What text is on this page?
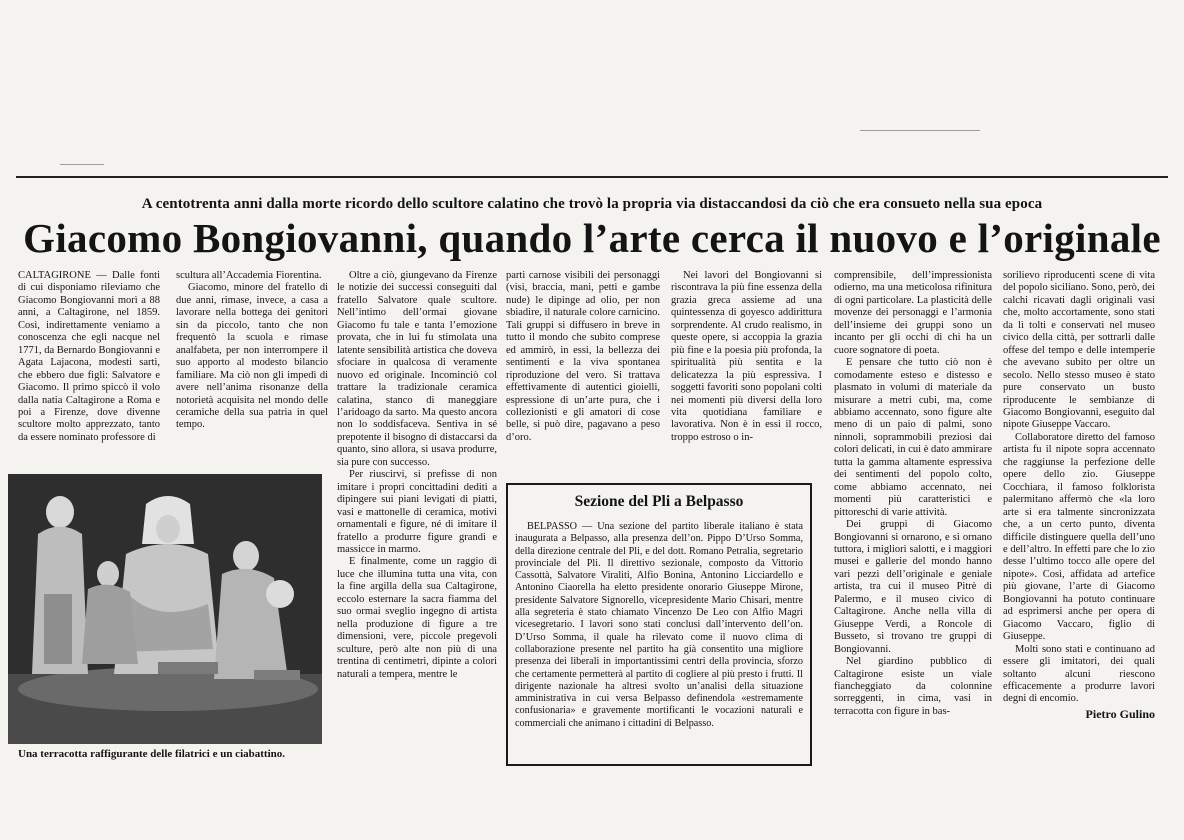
A centotrenta anni dalla morte ricordo dello scultore calatino che trovò la propria via distaccandosi da ciò che era consueto nella sua epoca
Giacomo Bongiovanni, quando l’arte cerca il nuovo e l’originale

CALTAGIRONE — Dalle fonti di cui disponiamo rileviamo che Giacomo Bongiovanni morì a 88 anni, a Caltagirone, nel 1859. Così, indirettamente veniamo a conoscenza che egli nacque nel 1771, da Bernardo Bongiovanni e Agata Lajacona, modesti sarti, che ebbero due figli: Salvatore e Giacomo. Il primo spiccò il volo dalla natia Caltagirone a Roma e poi a Firenze, dove divenne scultore molto apprezzato, tanto da essere nominato professore di

scultura all’Accademia Fiorentina.

Giacomo, minore del fratello di due anni, rimase, invece, a casa a lavorare nella bottega dei genitori sin da piccolo, tanto che non frequentò la scuola e rimase analfabeta, per non interrompere il suo apporto al modesto bilancio familiare. Ma ciò non gli impedì di avere nell’anima risonanze della notorietà acquisita nel mondo delle ceramiche della sua patria in quel tempo.

Oltre a ciò, giungevano da Firenze le notizie dei successi conseguiti dal fratello Salvatore quale scultore. Nell’intimo dell’ormai giovane Giacomo fu tale e tanta l’emozione provata, che in lui fu stimolata una latente sensibilità artistica che doveva sfociare in qualcosa di veramente nuovo ed originale. Incominciò col trattare la tradizionale ceramica calatina, stanco di maneggiare l’aridoago da sarto. Ma questo ancora non lo soddisfaceva. Sentiva in sé prepotente il bisogno di distaccarsi da quanto, sino allora, si usava produrre, sia pure con successo.

Per riuscirvi, si prefisse di non imitare i propri concittadini dediti a dipingere sui piani levigati di piatti, vasi e mattonelle di ceramica, motivi ornamentali e figure, né di imitare il fratello a produrre figure grandi e massicce in marmo.

E finalmente, come un raggio di luce che illumina tutta una vita, con la fine argilla della sua Caltagirone, eccolo esternare la sacra fiamma del suo ormai sveglio ingegno di artista nella produzione di figure a tre dimensioni, vere, piccole pregevoli sculture, però alte non più di una trentina di centimetri, dipinte a colori naturali a tempera, mentre le

parti carnose visibili dei personaggi (visi, braccia, mani, petti e gambe nude) le dipinge ad olio, per non sbiadire, il naturale colore carnicino. Tali gruppi si diffusero in breve in tutto il mondo che subito comprese ed ammirò, in essi, la bellezza dei sentimenti e la viva spontanea riproduzione del vero. Si trattava effettivamente di autentici gioielli, espressione di un’arte pura, che i collezionisti e gli amatori di cose belle, si può dire, pagavano a peso d’oro.

Nei lavori del Bongiovanni si riscontrava la più fine essenza della grazia greca assieme ad una quintessenza di goyesco addirittura sorprendente. Al crudo realismo, in queste opere, si accoppia la grazia più fine e la poesia più profonda, la spiritualità più sentita e la delicatezza la più espressiva. I soggetti favoriti sono popolani colti nei momenti più diversi della loro vita quotidiana familiare e lavorativa. Non è in essi il rocco, troppo estroso o in-

comprensibile, dell’impressionista odierno, ma una meticolosa rifinitura di ogni particolare. La plasticità delle movenze dei personaggi e l’armonia dell’insieme dei gruppi sono un incanto per gli occhi di chi ha un cuore sognatore di poeta.

E pensare che tutto ciò non è comodamente esteso e distesso e plasmato in volumi di materiale da misurare a metri cubi, ma, come abbiamo accennato, sono figure alte meno di un paio di palmi, sono ninnoli, soprammobili preziosi dai colori delicati, in cui è dato ammirare tutta la gamma altamente espressiva dei sentimenti del popolo colto, come abbiamo accennato, nei momenti più caratteristici e pittoreschi di varie attività.

Dei gruppi di Giacomo Bongiovanni si ornarono, e si ornano tuttora, i migliori salotti, e i maggiori musei e gallerie del mondo hanno vari pezzi dell’originale e geniale artista, tra cui il museo Pitrè di Palermo, e il museo civico di Caltagirone. Anche nella villa di Giuseppe Verdi, a Roncole di Busseto, si trovano tre gruppi di Bongiovanni.

Nel giardino pubblico di Caltagirone esiste un viale fiancheggiato da colonnine sorreggenti, in cima, vasi in terracotta con figure in bas-

sorilievo riproducenti scene di vita del popolo siciliano. Sono, però, dei calchi ricavati dagli originali vasi che, molto accortamente, sono stati da lì tolti e conservati nel museo civico della città, per sottrarli dalle offese del tempo e delle intemperie che avevano subito per oltre un secolo. Nello stesso museo è stato pure conservato un busto riproducente le sembianze di Giacomo Bongiovanni, eseguito dal nipote Giuseppe Vaccaro.

Collaboratore diretto del famoso artista fu il nipote sopra accennato che raggiunse la perfezione delle opere dello zio. Giuseppe Cocchiara, il famoso folklorista palermitano affermò che «la loro arte si era talmente sincronizzata che, a un certo punto, diventa difficile distinguere quella dell’uno e dell’altro. In effetti pare che lo zio desse l’ultimo tocco alle opere del nipote». Così, affidata ad artefice più giovane, l’arte di Giacomo Bongiovanni ha potuto continuare ad esprimersi anche per opera di Giacomo Vaccaro, figlio di Giuseppe.

Molti sono stati e continuano ad essere gli imitatori, dei quali soltanto alcuni riescono efficacemente a produrre lavori degni di encomio.

Pietro Gulino

Una terracotta raffigurante delle filatrici e un ciabattino.
Sezione del Pli a Belpasso

BELPASSO — Una sezione del partito liberale italiano è stata inaugurata a Belpasso, alla presenza dell’on. Pippo D’Urso Somma, della direzione centrale del Pli, e del dott. Romano Petralia, segretario provinciale del Pli. Il direttivo sezionale, composto da Vittorio Cassottà, Salvatore Viraliti, Alfio Bonina, Antonino Licciardello e Antonino Ciaorella ha eletto presidente onorario Giuseppe Mirone, presidente Salvatore Signorello, vicepresidente Mario Chisari, mentre alla segreteria è stato chiamato Vincenzo De Leo con Alfio Magrì vicesegretario. I lavori sono stati conclusi dall’intervento dell’on. D’Urso Somma, il quale ha rilevato come il nuovo clima di collaborazione presente nel partito ha già consentito una migliore presenza dei liberali in importantissimi centri della provincia, sforzo che certamente permetterà al partito di cogliere al più presto i frutti. Il dirigente nazionale ha altresì svolto un’analisi della situazione amministrativa in cui versa Belpasso definendola «estremamente confusionaria» e gravemente mortificanti le vocazioni naturali e commerciali che animano i cittadini di Belpasso.
